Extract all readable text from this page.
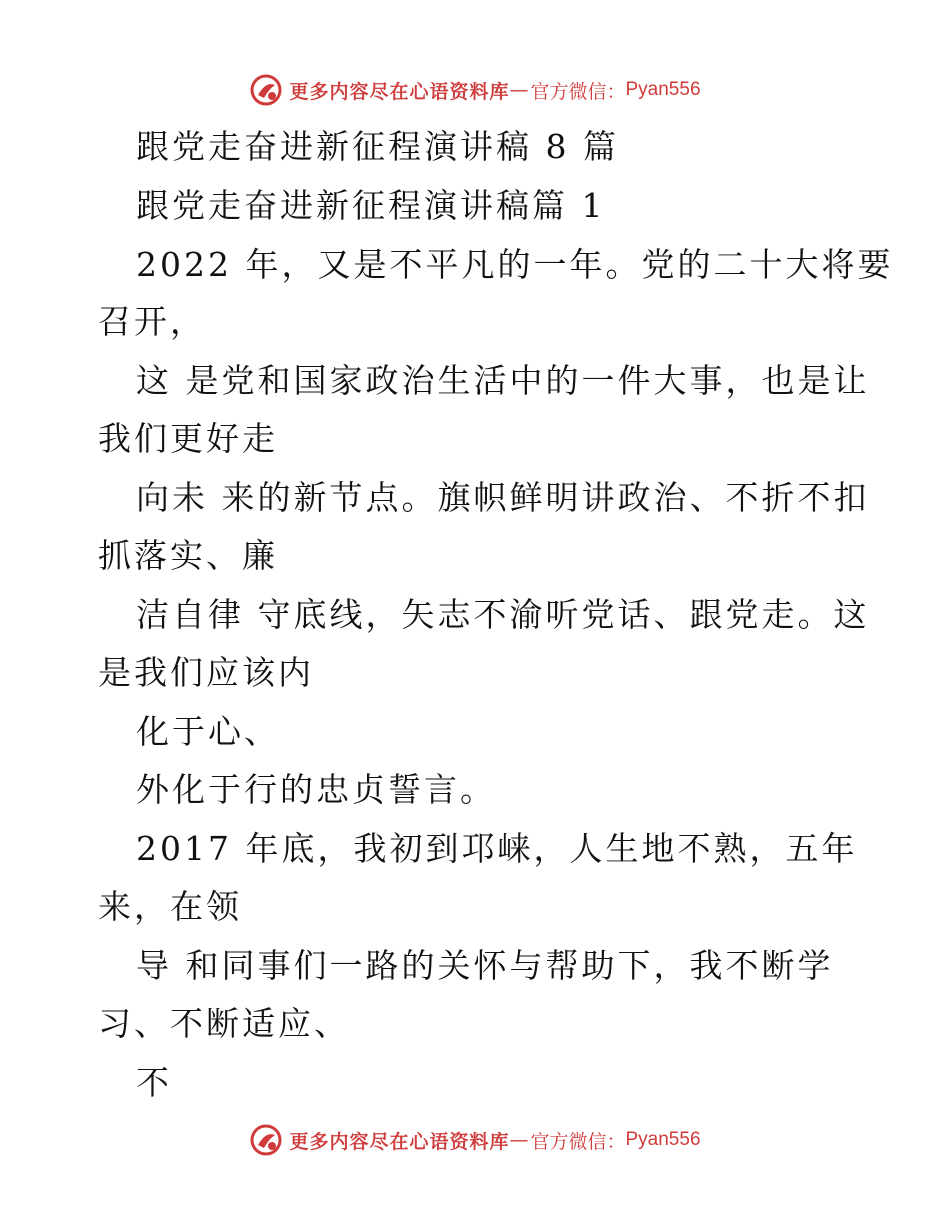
更多内容尽在心语资料库 — 官方微信： Pyan556
跟党走奋进新征程演讲稿 8 篇
跟党走奋进新征程演讲稿篇 1
2022 年，又是不平凡的一年。党的二十大将要
召开，
这 是党和国家政治生活中的一件大事，也是让
我们更好走
向未 来的新节点。旗帜鲜明讲政治、不折不扣
抓落实、廉
洁自律 守底线，矢志不渝听党话、跟党走。这
是我们应该内
化于心、
外化于行的忠贞誓言。
2017 年底，我初到邛崃，人生地不熟，五年
来，在领
导 和同事们一路的关怀与帮助下，我不断学
习、不断适应、
不
更多内容尽在心语资料库 — 官方微信： Pyan556
